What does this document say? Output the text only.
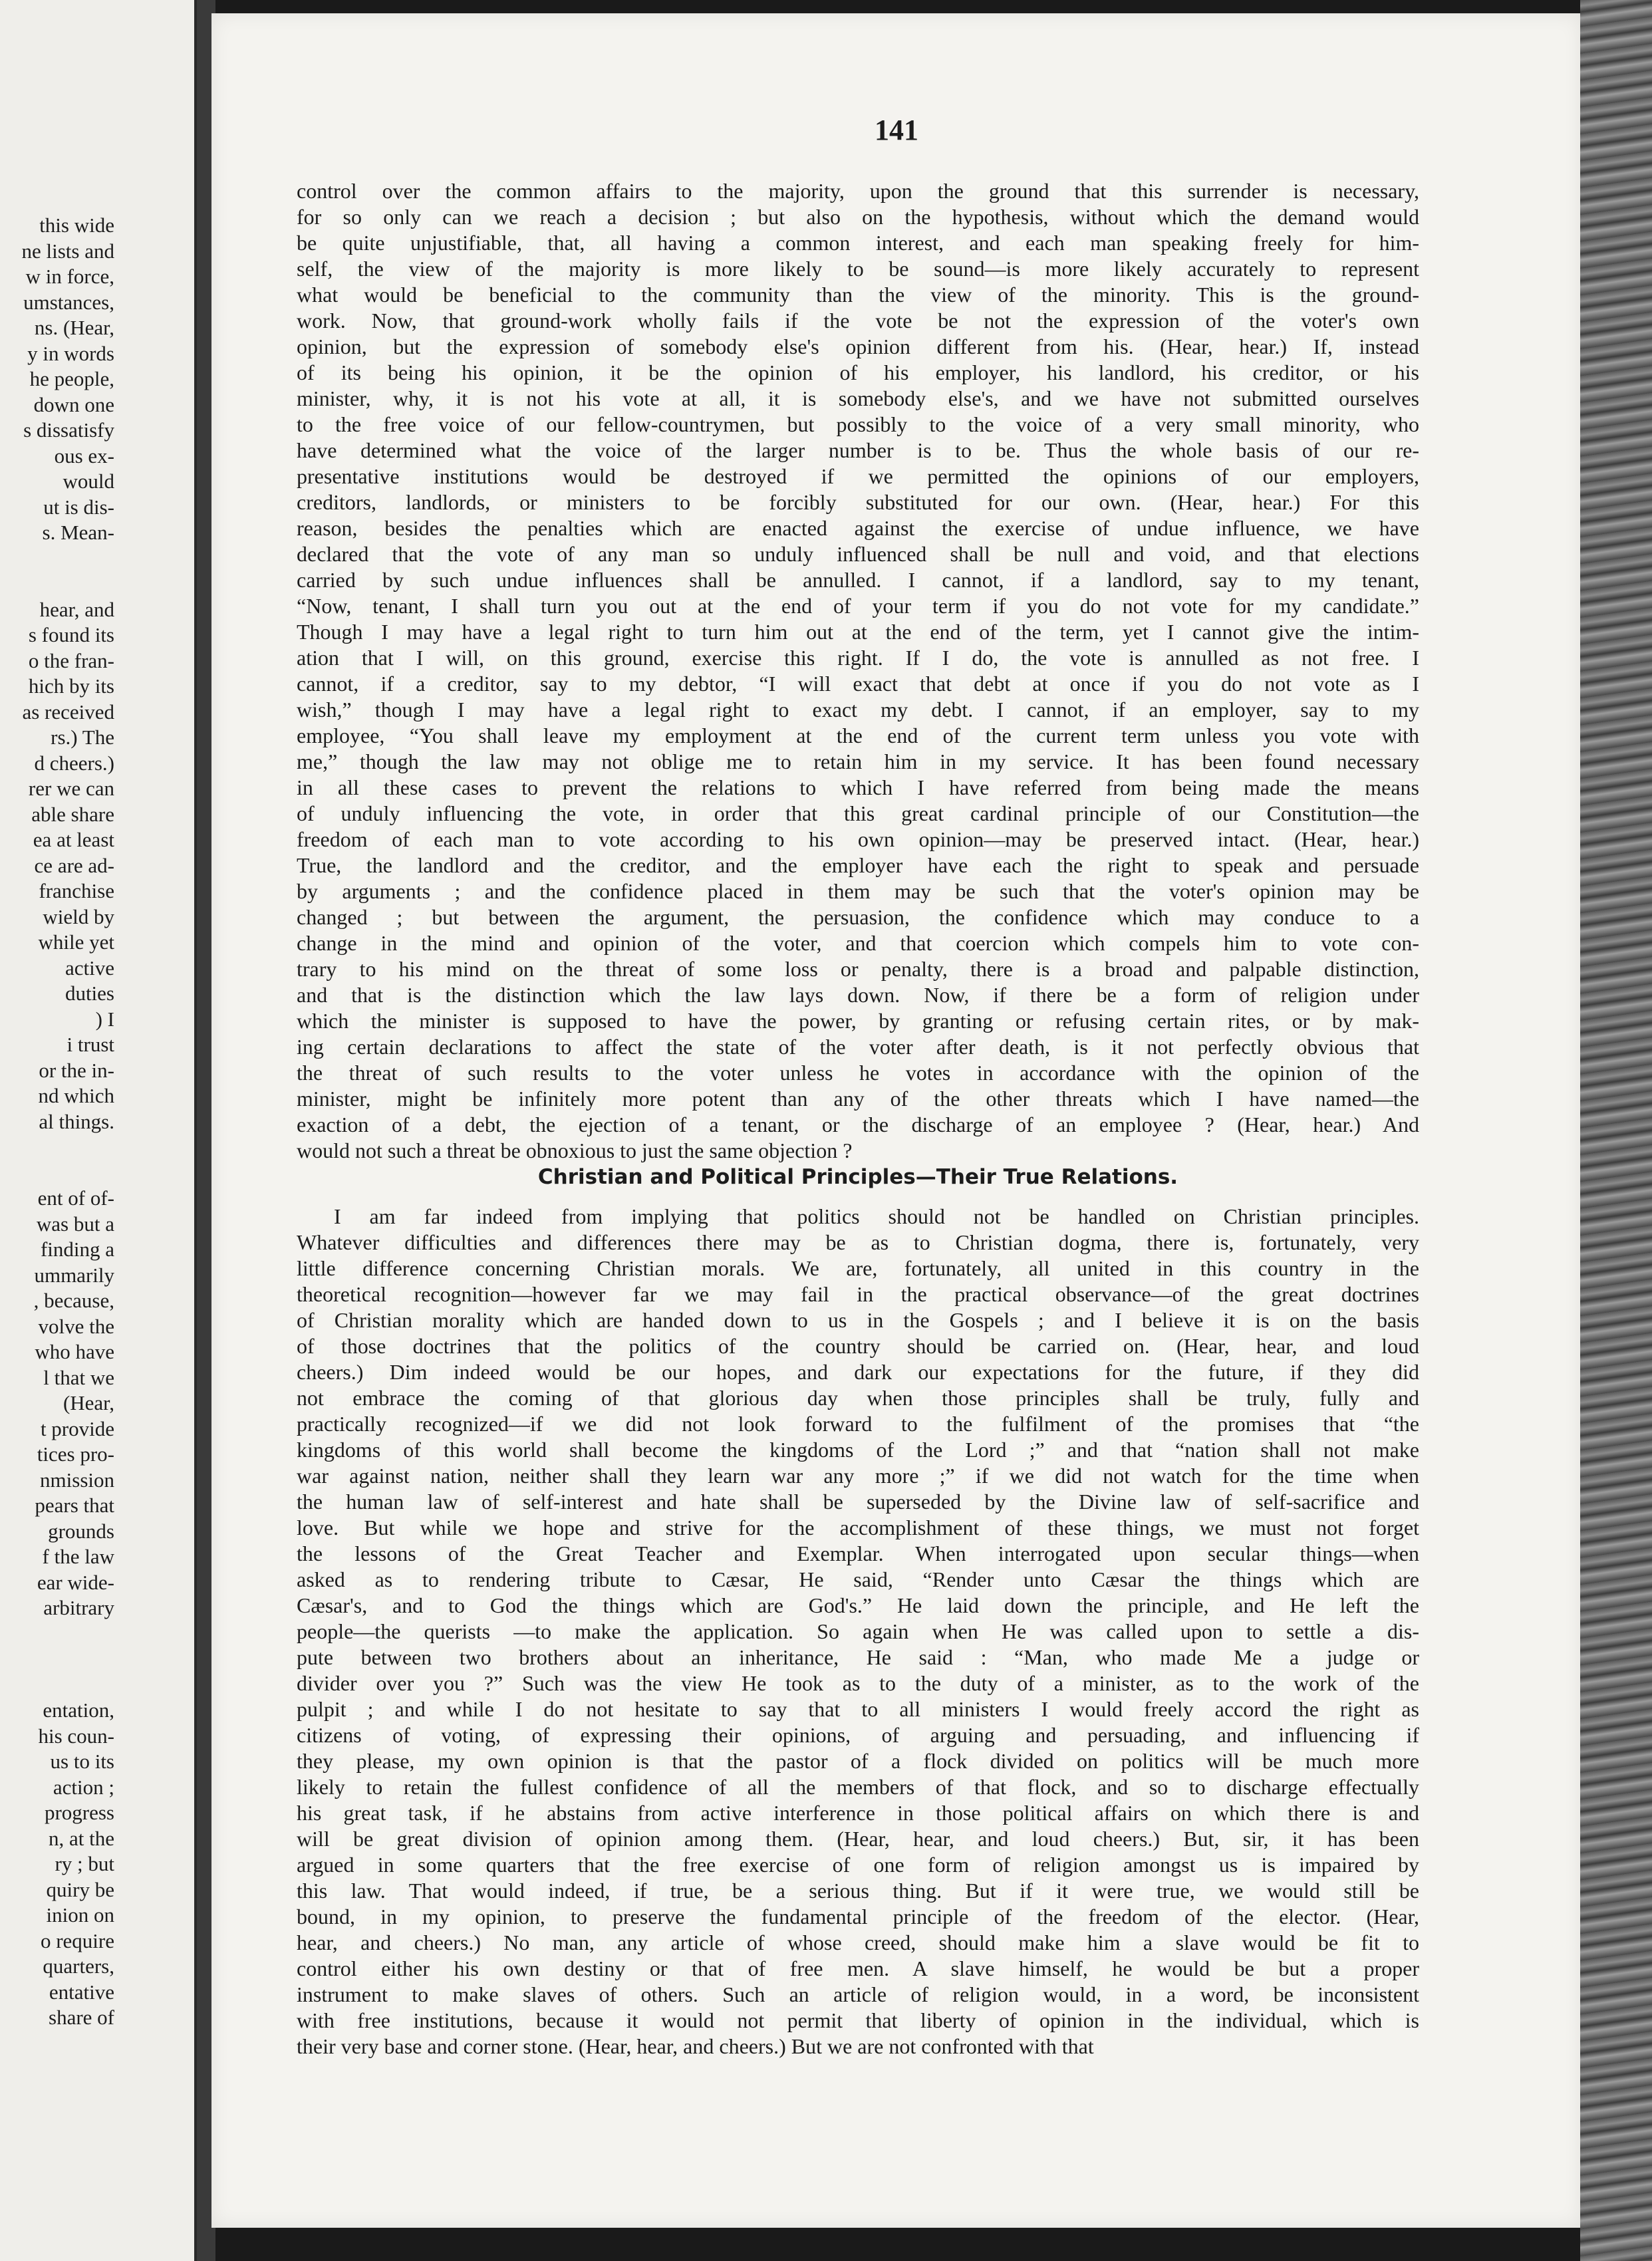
this wide
ne lists and
w in force,
umstances,
ns. (Hear,
y in words
he people,
down one
s dissatisfy
ous ex-
would
ut is dis-
s. Mean-
hear, and
s found its
o the fran-
hich by its
as received
rs.) The
d cheers.)
rer we can
able share
ea at least
ce are ad-
franchise
wield by
while yet
active
duties
) I
i trust
or the in-
nd which
al things.
ent of of-
was but a
finding a
ummarily
, because,
volve the
who have
l that we
(Hear,
t provide
tices pro-
nmission
pears that
grounds
f the law
ear wide-
arbitrary
entation,
his coun-
us to its
action ;
progress
n, at the
ry ; but
quiry be
inion on
o require
quarters,
entative
share of
141
control over the common affairs to the majority, upon the ground that this surrender is necessary,
for so only can we reach a decision ; but also on the hypothesis, without which the demand would
be quite unjustifiable, that, all having a common interest, and each man speaking freely for him-
self, the view of the majority is more likely to be sound—is more likely accurately to represent
what would be beneficial to the community than the view of the minority. This is the ground-
work. Now, that ground-work wholly fails if the vote be not the expression of the voter's own
opinion, but the expression of somebody else's opinion different from his. (Hear, hear.) If, instead
of its being his opinion, it be the opinion of his employer, his landlord, his creditor, or his
minister, why, it is not his vote at all, it is somebody else's, and we have not submitted ourselves
to the free voice of our fellow-countrymen, but possibly to the voice of a very small minority, who
have determined what the voice of the larger number is to be. Thus the whole basis of our re-
presentative institutions would be destroyed if we permitted the opinions of our employers,
creditors, landlords, or ministers to be forcibly substituted for our own. (Hear, hear.) For this
reason, besides the penalties which are enacted against the exercise of undue influence, we have
declared that the vote of any man so unduly influenced shall be null and void, and that elections
carried by such undue influences shall be annulled. I cannot, if a landlord, say to my tenant,
“Now, tenant, I shall turn you out at the end of your term if you do not vote for my candidate.”
Though I may have a legal right to turn him out at the end of the term, yet I cannot give the intim-
ation that I will, on this ground, exercise this right. If I do, the vote is annulled as not free. I
cannot, if a creditor, say to my debtor, “I will exact that debt at once if you do not vote as I
wish,” though I may have a legal right to exact my debt. I cannot, if an employer, say to my
employee, “You shall leave my employment at the end of the current term unless you vote with
me,” though the law may not oblige me to retain him in my service. It has been found necessary
in all these cases to prevent the relations to which I have referred from being made the means
of unduly influencing the vote, in order that this great cardinal principle of our Constitution—the
freedom of each man to vote according to his own opinion—may be preserved intact. (Hear, hear.)
True, the landlord and the creditor, and the employer have each the right to speak and persuade
by arguments ; and the confidence placed in them may be such that the voter's opinion may be
changed ; but between the argument, the persuasion, the confidence which may conduce to a
change in the mind and opinion of the voter, and that coercion which compels him to vote con-
trary to his mind on the threat of some loss or penalty, there is a broad and palpable distinction,
and that is the distinction which the law lays down. Now, if there be a form of religion under
which the minister is supposed to have the power, by granting or refusing certain rites, or by mak-
ing certain declarations to affect the state of the voter after death, is it not perfectly obvious that
the threat of such results to the voter unless he votes in accordance with the opinion of the
minister, might be infinitely more potent than any of the other threats which I have named—the
exaction of a debt, the ejection of a tenant, or the discharge of an employee ? (Hear, hear.) And
would not such a threat be obnoxious to just the same objection ?
Christian and Political Principles—Their True Relations.
I am far indeed from implying that politics should not be handled on Christian principles.
Whatever difficulties and differences there may be as to Christian dogma, there is, fortunately, very
little difference concerning Christian morals. We are, fortunately, all united in this country in the
theoretical recognition—however far we may fail in the practical observance—of the great doctrines
of Christian morality which are handed down to us in the Gospels ; and I believe it is on the basis
of those doctrines that the politics of the country should be carried on. (Hear, hear, and loud
cheers.) Dim indeed would be our hopes, and dark our expectations for the future, if they did
not embrace the coming of that glorious day when those principles shall be truly, fully and
practically recognized—if we did not look forward to the fulfilment of the promises that “the
kingdoms of this world shall become the kingdoms of the Lord ;” and that “nation shall not make
war against nation, neither shall they learn war any more ;” if we did not watch for the time when
the human law of self-interest and hate shall be superseded by the Divine law of self-sacrifice and
love. But while we hope and strive for the accomplishment of these things, we must not forget
the lessons of the Great Teacher and Exemplar. When interrogated upon secular things—when
asked as to rendering tribute to Cæsar, He said, “Render unto Cæsar the things which are
Cæsar's, and to God the things which are God's.” He laid down the principle, and He left the
people—the querists —to make the application. So again when He was called upon to settle a dis-
pute between two brothers about an inheritance, He said : “Man, who made Me a judge or
divider over you ?” Such was the view He took as to the duty of a minister, as to the work of the
pulpit ; and while I do not hesitate to say that to all ministers I would freely accord the right as
citizens of voting, of expressing their opinions, of arguing and persuading, and influencing if
they please, my own opinion is that the pastor of a flock divided on politics will be much more
likely to retain the fullest confidence of all the members of that flock, and so to discharge effectually
his great task, if he abstains from active interference in those political affairs on which there is and
will be great division of opinion among them. (Hear, hear, and loud cheers.) But, sir, it has been
argued in some quarters that the free exercise of one form of religion amongst us is impaired by
this law. That would indeed, if true, be a serious thing. But if it were true, we would still be
bound, in my opinion, to preserve the fundamental principle of the freedom of the elector. (Hear,
hear, and cheers.) No man, any article of whose creed, should make him a slave would be fit to
control either his own destiny or that of free men. A slave himself, he would be but a proper
instrument to make slaves of others. Such an article of religion would, in a word, be inconsistent
with free institutions, because it would not permit that liberty of opinion in the individual, which is
their very base and corner stone. (Hear, hear, and cheers.) But we are not confronted with that
